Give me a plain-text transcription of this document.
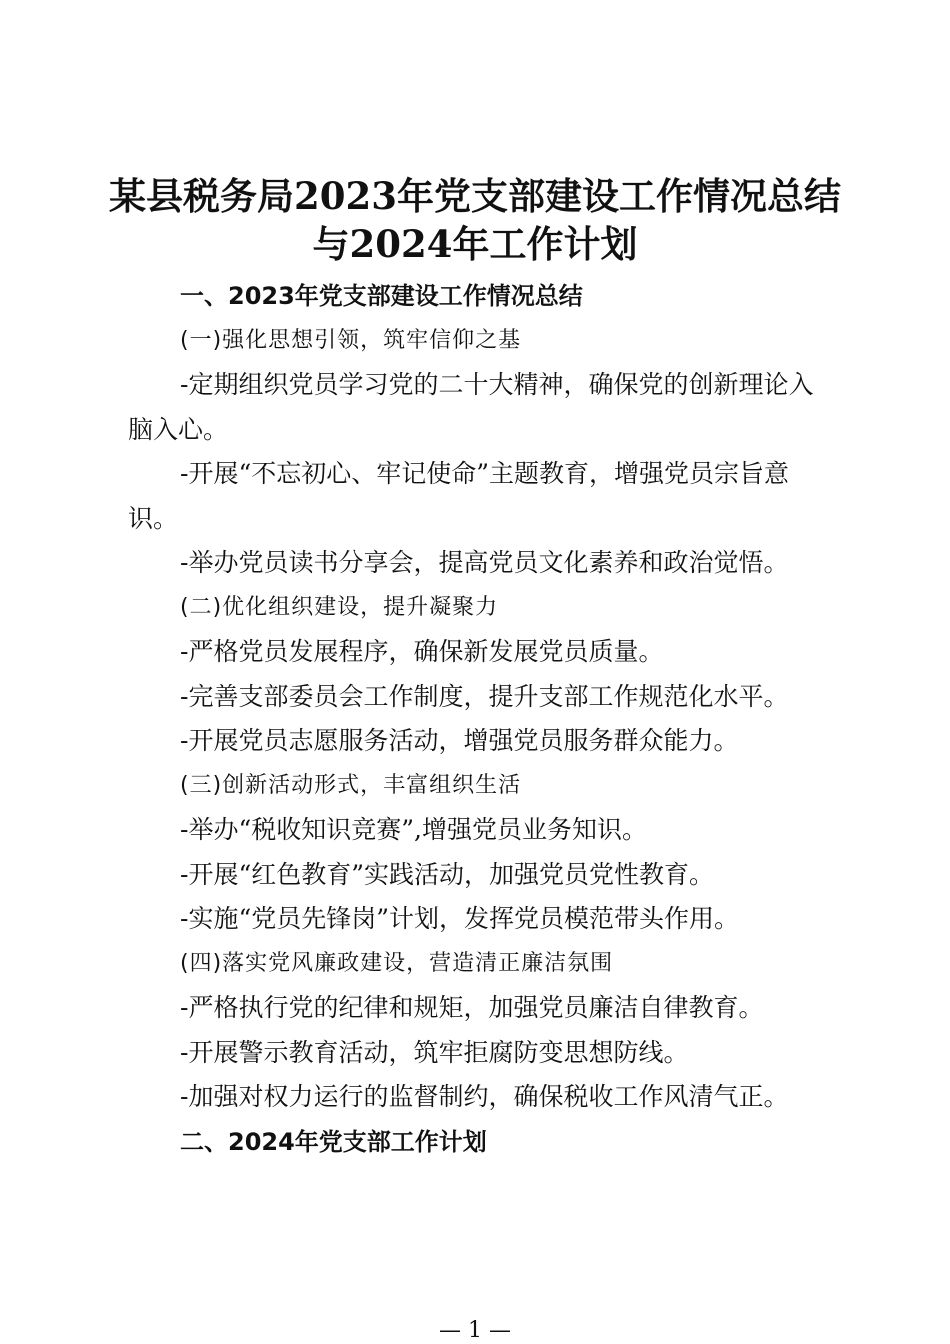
某县税务局2023年党支部建设工作情况总结
与2024年工作计划
一、2023年党支部建设工作情况总结
(一)强化思想引领，筑牢信仰之基
-定期组织党员学习党的二十大精神，确保党的创新理论入
脑入心。
-开展“不忘初心、牢记使命”主题教育，增强党员宗旨意
识。
-举办党员读书分享会，提高党员文化素养和政治觉悟。
(二)优化组织建设，提升凝聚力
-严格党员发展程序，确保新发展党员质量。
-完善支部委员会工作制度，提升支部工作规范化水平。
-开展党员志愿服务活动，增强党员服务群众能力。
(三)创新活动形式，丰富组织生活
-举办“税收知识竞赛”,增强党员业务知识。
-开展“红色教育”实践活动，加强党员党性教育。
-实施“党员先锋岗”计划，发挥党员模范带头作用。
(四)落实党风廉政建设，营造清正廉洁氛围
-严格执行党的纪律和规矩，加强党员廉洁自律教育。
-开展警示教育活动，筑牢拒腐防变思想防线。
-加强对权力运行的监督制约，确保税收工作风清气正。
二、2024年党支部工作计划
— 1 —
